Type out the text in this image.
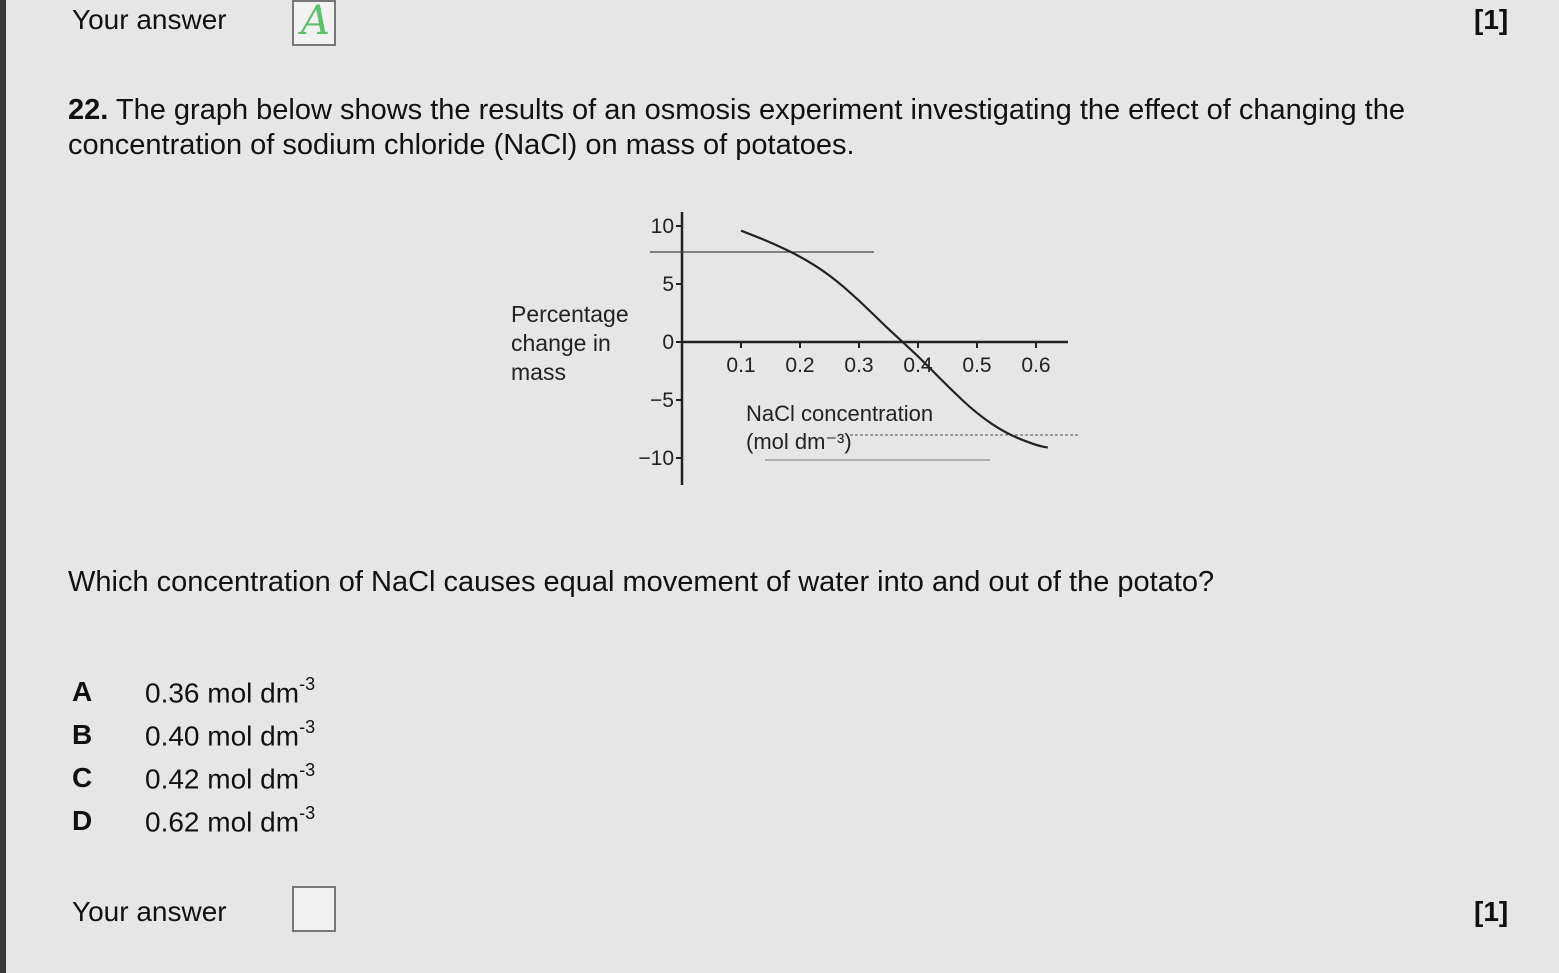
Your answer A	[1]
22. The graph below shows the results of an osmosis experiment investigating the effect of changing the concentration of sodium chloride (NaCl) on mass of potatoes.
Percentage
change in
mass
10
5
0
−5
−10
0.1 0.2 0.3 0.4 0.5 0.6
NaCl concentration
(mol dm⁻³)
Which concentration of NaCl causes equal movement of water into and out of the potato?
A 0.36 mol $dm^{-3}$
B 0.40 mol $dm^{-3}$
C 0.42 mol $dm^{-3}$
D 0.62 mol $dm^{-3}$
Your answer	[1]
